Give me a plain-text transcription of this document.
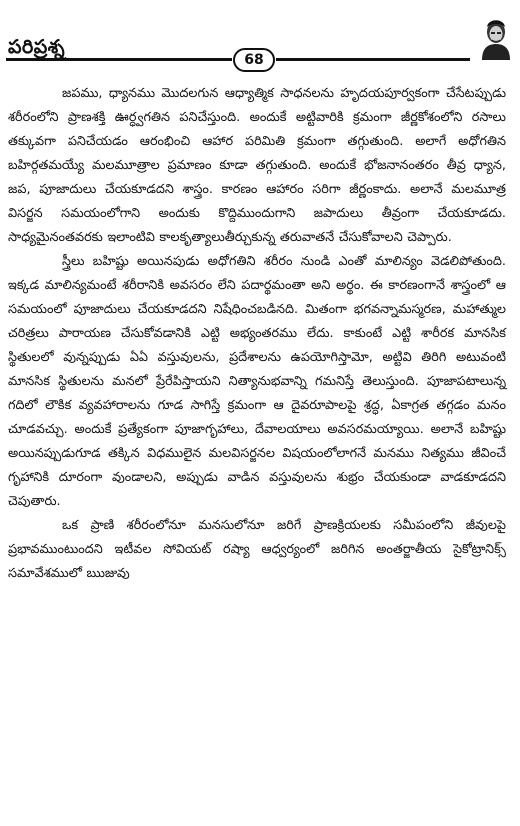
పరిప్రశ్న
68

జపము, ధ్యానము మొదలగున ఆధ్యాత్మిక సాధనలను హృదయపూర్వకంగా చేసేటప్పుడు శరీరంలోని ప్రాణశక్తి ఊర్ధ్వగతిన పనిచేస్తుంది. అందుకే అట్టివారికి క్రమంగా జీర్ణకోశంలోని రసాలు తక్కువగా పనిచేయడం ఆరంభించి ఆహార పరిమితి క్రమంగా తగ్గుతుంది. అలాగే అధోగతిన బహిర్గతమయ్యే మలమూత్రాల ప్రమాణం కూడా తగ్గుతుంది. అందుకే భోజనానంతరం తీవ్ర ధ్యాన, జప, పూజాదులు చేయకూడదని శాస్త్రం. కారణం ఆహారం సరిగా జీర్ణంకాదు. అలానే మలమూత్ర విసర్జన సమయంలోగాని అందుకు కొద్దిముందుగాని జపాదులు తీవ్రంగా చేయకూడదు. సాధ్యమైనంతవరకు ఇలాంటివి కాలకృత్యాలుతీర్చుకున్న తరువాతనే చేసుకోవాలని చెప్పారు.

స్త్రీలు బహిష్టు అయినపుడు అధోగతిని శరీరం నుండి ఎంతో మాలిన్యం వెడలిపోతుంది. ఇక్కడ మాలిన్యమంటే శరీరానికి అవసరం లేని పదార్థమంతా అని అర్థం. ఈ కారణంగానే శాస్త్రంలో ఆ సమయంలో పూజాదులు చేయకూడదని నిషేధించబడినది. మితంగా భగవన్నామస్మరణ, మహాత్ముల చరిత్రలు పారాయణ చేసుకోవడానికి ఎట్టి అభ్యంతరము లేదు. కాకుంటే ఎట్టి శారీరక మానసిక స్థితులలో వున్నప్పుడు ఏఏ వస్తువులను, ప్రదేశాలను ఉపయోగిస్తామో, అట్టివి తిరిగి అటువంటి మానసిక స్థితులను మనలో ప్రేరేపిస్తాయని నిత్యానుభవాన్ని గమనిస్తే తెలుస్తుంది. పూజాపటాలున్న గదిలో లౌకిక వ్యవహారాలను గూడ సాగిస్తే క్రమంగా ఆ దైవరూపాలపై శ్రద్ధ, ఏకాగ్రత తగ్గడం మనం చూడవచ్చు. అందుకే ప్రత్యేకంగా పూజాగృహాలు, దేవాలయాలు అవసరమయ్యాయి. అలానే బహిష్టు అయినప్పుడుగూడ తక్కిన విధములైన మలవిసర్జనల విషయంలోలాగనే మనము నిత్యము జీవించే గృహానికి దూరంగా వుండాలని, అప్పుడు వాడిన వస్తువులను శుభ్రం చేయకుండా వాడకూడదని చెపుతారు.

ఒక ప్రాణి శరీరంలోనూ మనసులోనూ జరిగే ప్రాణక్రియలకు సమీపంలోని జీవులపై ప్రభావముంటుందని ఇటీవల సోవియట్ రష్యా ఆధ్వర్యంలో జరిగిన అంతర్జాతీయ సైకోట్రానిక్స్ సమావేశములో ఋజువు
